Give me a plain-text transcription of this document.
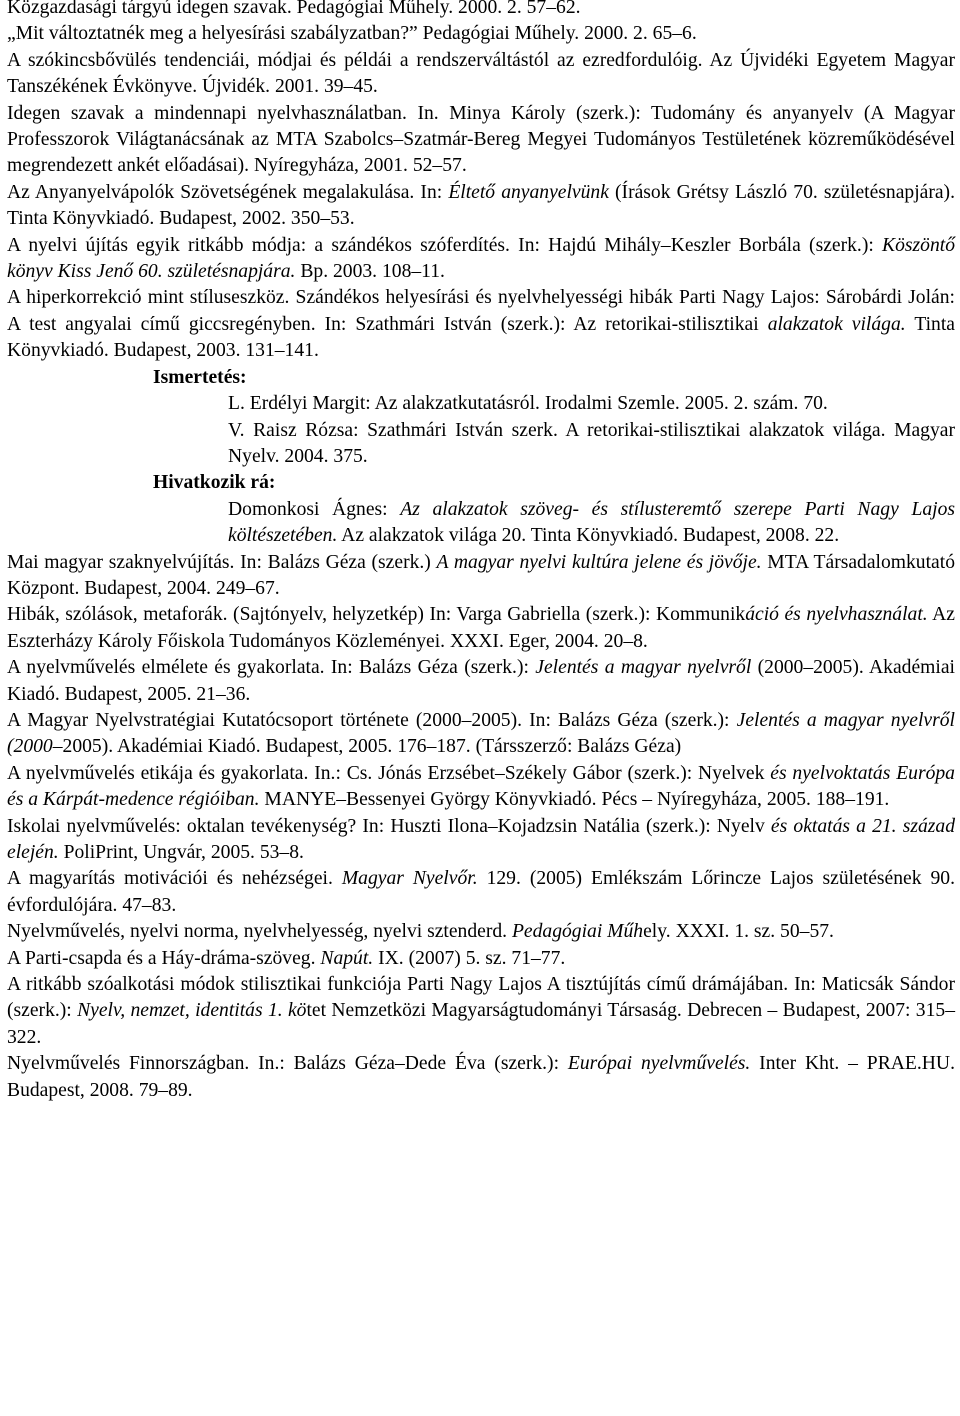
Közgazdasági tárgyú idegen szavak. Pedagógiai Műhely. 2000. 2. 57–62.

„Mit változtatnék meg a helyesírási szabályzatban?” Pedagógiai Műhely. 2000. 2. 65–6.

A szókincsbővülés tendenciái, módjai és példái a rendszerváltástól az ezredfordulóig. Az Újvidéki Egyetem Magyar Tanszékének Évkönyve. Újvidék. 2001. 39–45.

Idegen szavak a mindennapi nyelvhasználatban. In. Minya Károly (szerk.): Tudomány és anyanyelv (A Magyar Professzorok Világtanácsának az MTA Szabolcs–Szatmár-Bereg Megyei Tudományos Testületének közreműködésével megrendezett ankét előadásai). Nyíregyháza, 2001. 52–57.

Az Anyanyelvápolók Szövetségének megalakulása. In: Éltető anyanyelvünk (Írások Grétsy László 70. születésnapjára). Tinta Könyvkiadó. Budapest, 2002. 350–53.

A nyelvi újítás egyik ritkább módja: a szándékos szóferdítés. In: Hajdú Mihály–Keszler Borbála (szerk.): Köszöntő könyv Kiss Jenő 60. születésnapjára. Bp. 2003. 108–11.

A hiperkorrekció mint stíluseszköz. Szándékos helyesírási és nyelvhelyességi hibák Parti Nagy Lajos: Sárobárdi Jolán: A test angyalai című giccsregényben. In: Szathmári István (szerk.): Az retorikai-stilisztikai alakzatok világa. Tinta Könyvkiadó. Budapest, 2003. 131–141.

Ismertetés:

L. Erdélyi Margit: Az alakzatkutatásról. Irodalmi Szemle. 2005. 2. szám. 70.

V. Raisz Rózsa: Szathmári István szerk. A retorikai-stilisztikai alakzatok világa. Magyar Nyelv. 2004. 375.

Hivatkozik rá:

Domonkosi Ágnes: Az alakzatok szöveg- és stílusteremtő szerepe Parti Nagy Lajos költészetében. Az alakzatok világa 20. Tinta Könyvkiadó. Budapest, 2008. 22.

Mai magyar szaknyelvújítás. In: Balázs Géza (szerk.) A magyar nyelvi kultúra jelene és jövője. MTA Társadalomkutató Központ. Budapest, 2004. 249–67.

Hibák, szólások, metaforák. (Sajtónyelv, helyzetkép) In: Varga Gabriella (szerk.): Kommunikáció és nyelvhasználat. Az Eszterházy Károly Főiskola Tudományos Közleményei. XXXI. Eger, 2004. 20–8.

A nyelvművelés elmélete és gyakorlata. In: Balázs Géza (szerk.): Jelentés a magyar nyelvről (2000–2005). Akadémiai Kiadó. Budapest, 2005. 21–36.

A Magyar Nyelvstratégiai Kutatócsoport története (2000–2005). In: Balázs Géza (szerk.): Jelentés a magyar nyelvről (2000–2005). Akadémiai Kiadó. Budapest, 2005. 176–187. (Társszerző: Balázs Géza)

A nyelvművelés etikája és gyakorlata. In.: Cs. Jónás Erzsébet–Székely Gábor (szerk.): Nyelvek és nyelvoktatás Európa és a Kárpát-medence régióiban. MANYE–Bessenyei György Könyvkiadó. Pécs – Nyíregyháza, 2005. 188–191.

Iskolai nyelvművelés: oktalan tevékenység? In: Huszti Ilona–Kojadzsin Natália (szerk.): Nyelv és oktatás a 21. század elején. PoliPrint, Ungvár, 2005. 53–8.

A magyarítás motivációi és nehézségei. Magyar Nyelvőr. 129. (2005) Emlékszám Lőrincze Lajos születésének 90. évfordulójára. 47–83.

Nyelvművelés, nyelvi norma, nyelvhelyesség, nyelvi sztenderd. Pedagógiai Műhely. XXXI. 1. sz. 50–57.

A Parti-csapda és a Háy-dráma-szöveg. Napút. IX. (2007) 5. sz. 71–77.

A ritkább szóalkotási módok stilisztikai funkciója Parti Nagy Lajos A tisztújítás című drámájában. In: Maticsák Sándor (szerk.): Nyelv, nemzet, identitás 1. kötet Nemzetközi Magyarságtudományi Társaság. Debrecen – Budapest, 2007: 315–322.

Nyelvművelés Finnországban. In.: Balázs Géza–Dede Éva (szerk.): Európai nyelvművelés. Inter Kht. – PRAE.HU. Budapest, 2008. 79–89.
